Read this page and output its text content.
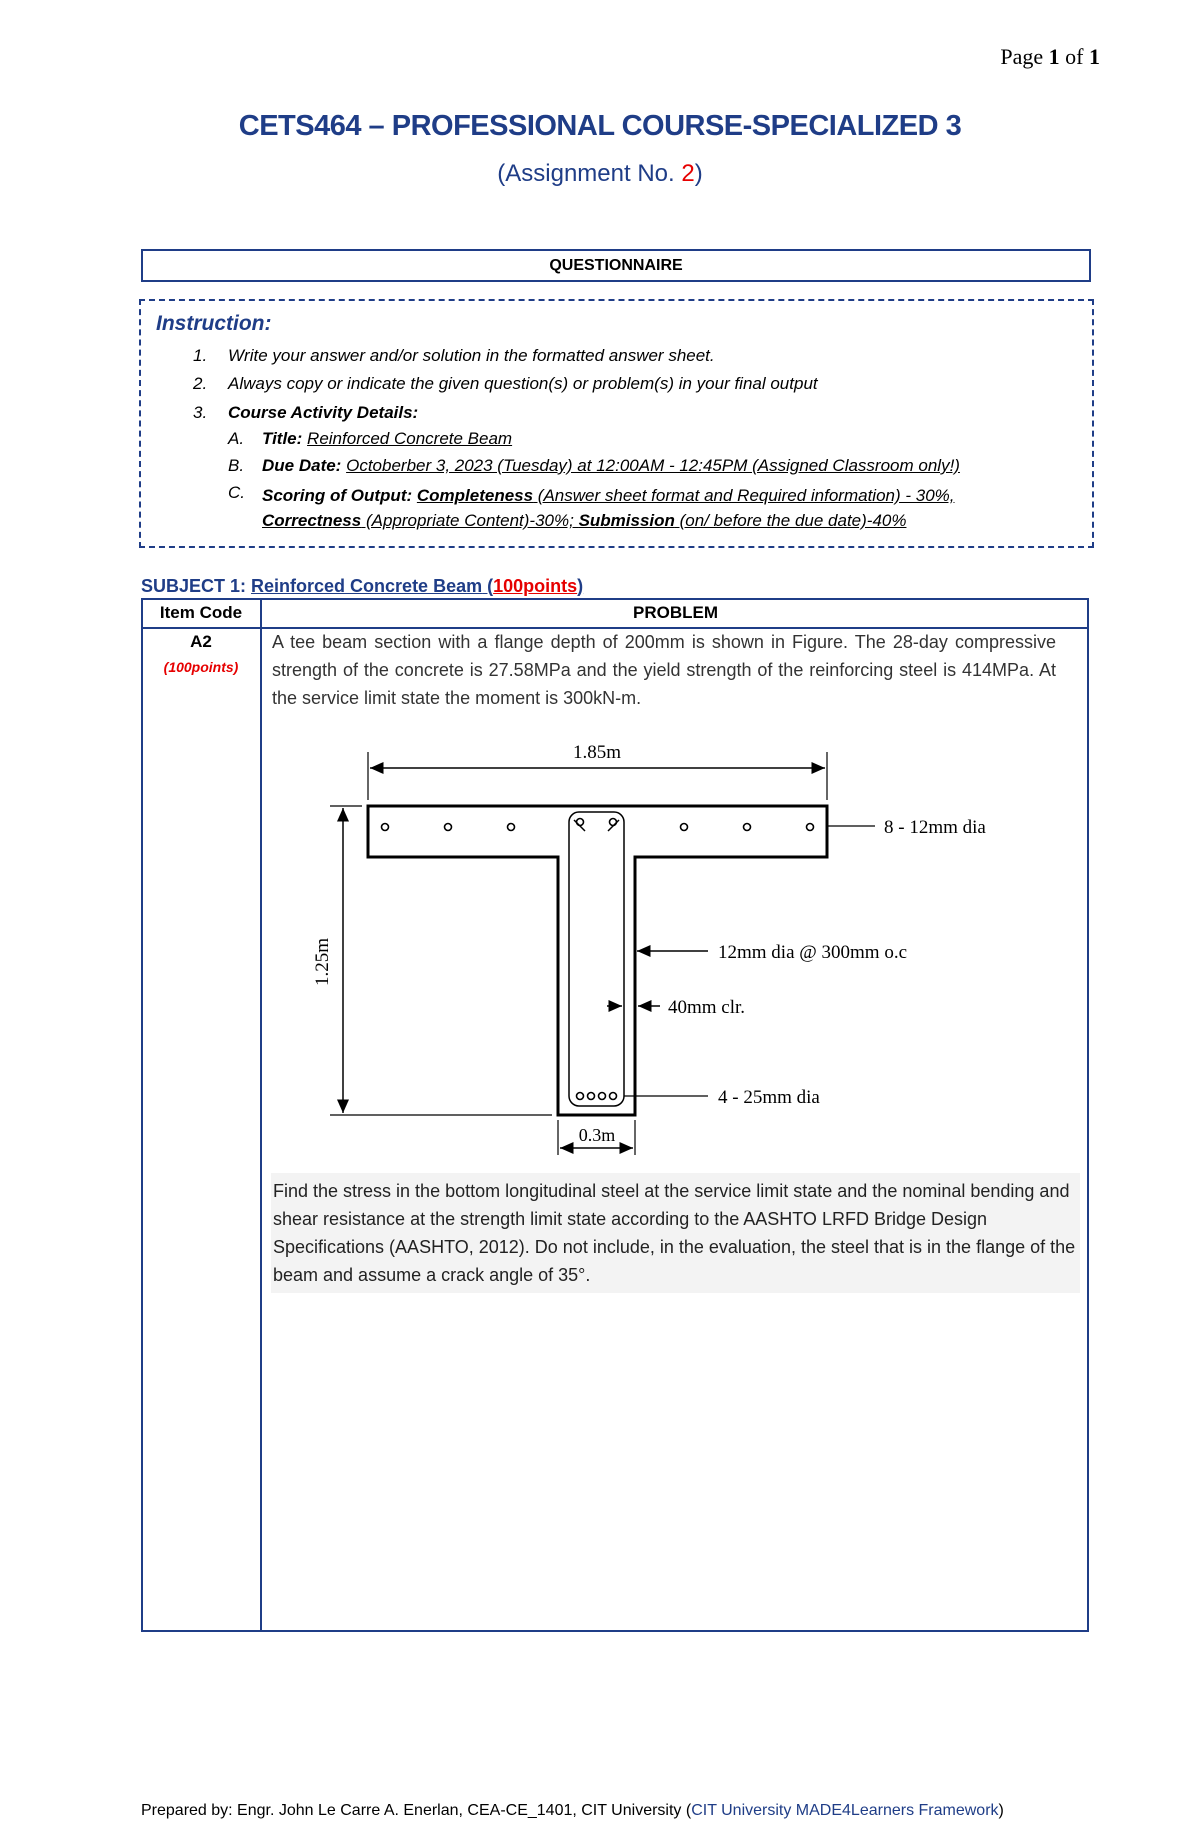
Page 1 of 1
CETS464 – PROFESSIONAL COURSE-SPECIALIZED 3
(Assignment No. 2)
QUESTIONNAIRE
Instruction:
1. Write your answer and/or solution in the formatted answer sheet.
2. Always copy or indicate the given question(s) or problem(s) in your final output
3. Course Activity Details:
A. Title: Reinforced Concrete Beam
B. Due Date: Octoberber 3, 2023 (Tuesday) at 12:00AM - 12:45PM (Assigned Classroom only!)
C. Scoring of Output: Completeness (Answer sheet format and Required information) - 30%,
Correctness (Appropriate Content)-30%; Submission (on/ before the due date)-40%
SUBJECT 1: Reinforced Concrete Beam (100points)
Item Code	PROBLEM
A2
(100points)
A tee beam section with a flange depth of 200mm is shown in Figure. The 28-day compressive strength of the concrete is 27.58MPa and the yield strength of the reinforcing steel is 414MPa. At the service limit state the moment is 300kN-m.
1.85m
1.25m
0.3m
8 - 12mm dia
12mm dia @ 300mm o.c
40mm clr.
4 - 25mm dia
Find the stress in the bottom longitudinal steel at the service limit state and the nominal bending and shear resistance at the strength limit state according to the AASHTO LRFD Bridge Design Specifications (AASHTO, 2012). Do not include, in the evaluation, the steel that is in the flange of the beam and assume a crack angle of 35°.
Prepared by: Engr. John Le Carre A. Enerlan, CEA-CE_1401, CIT University (CIT University MADE4Learners Framework)
